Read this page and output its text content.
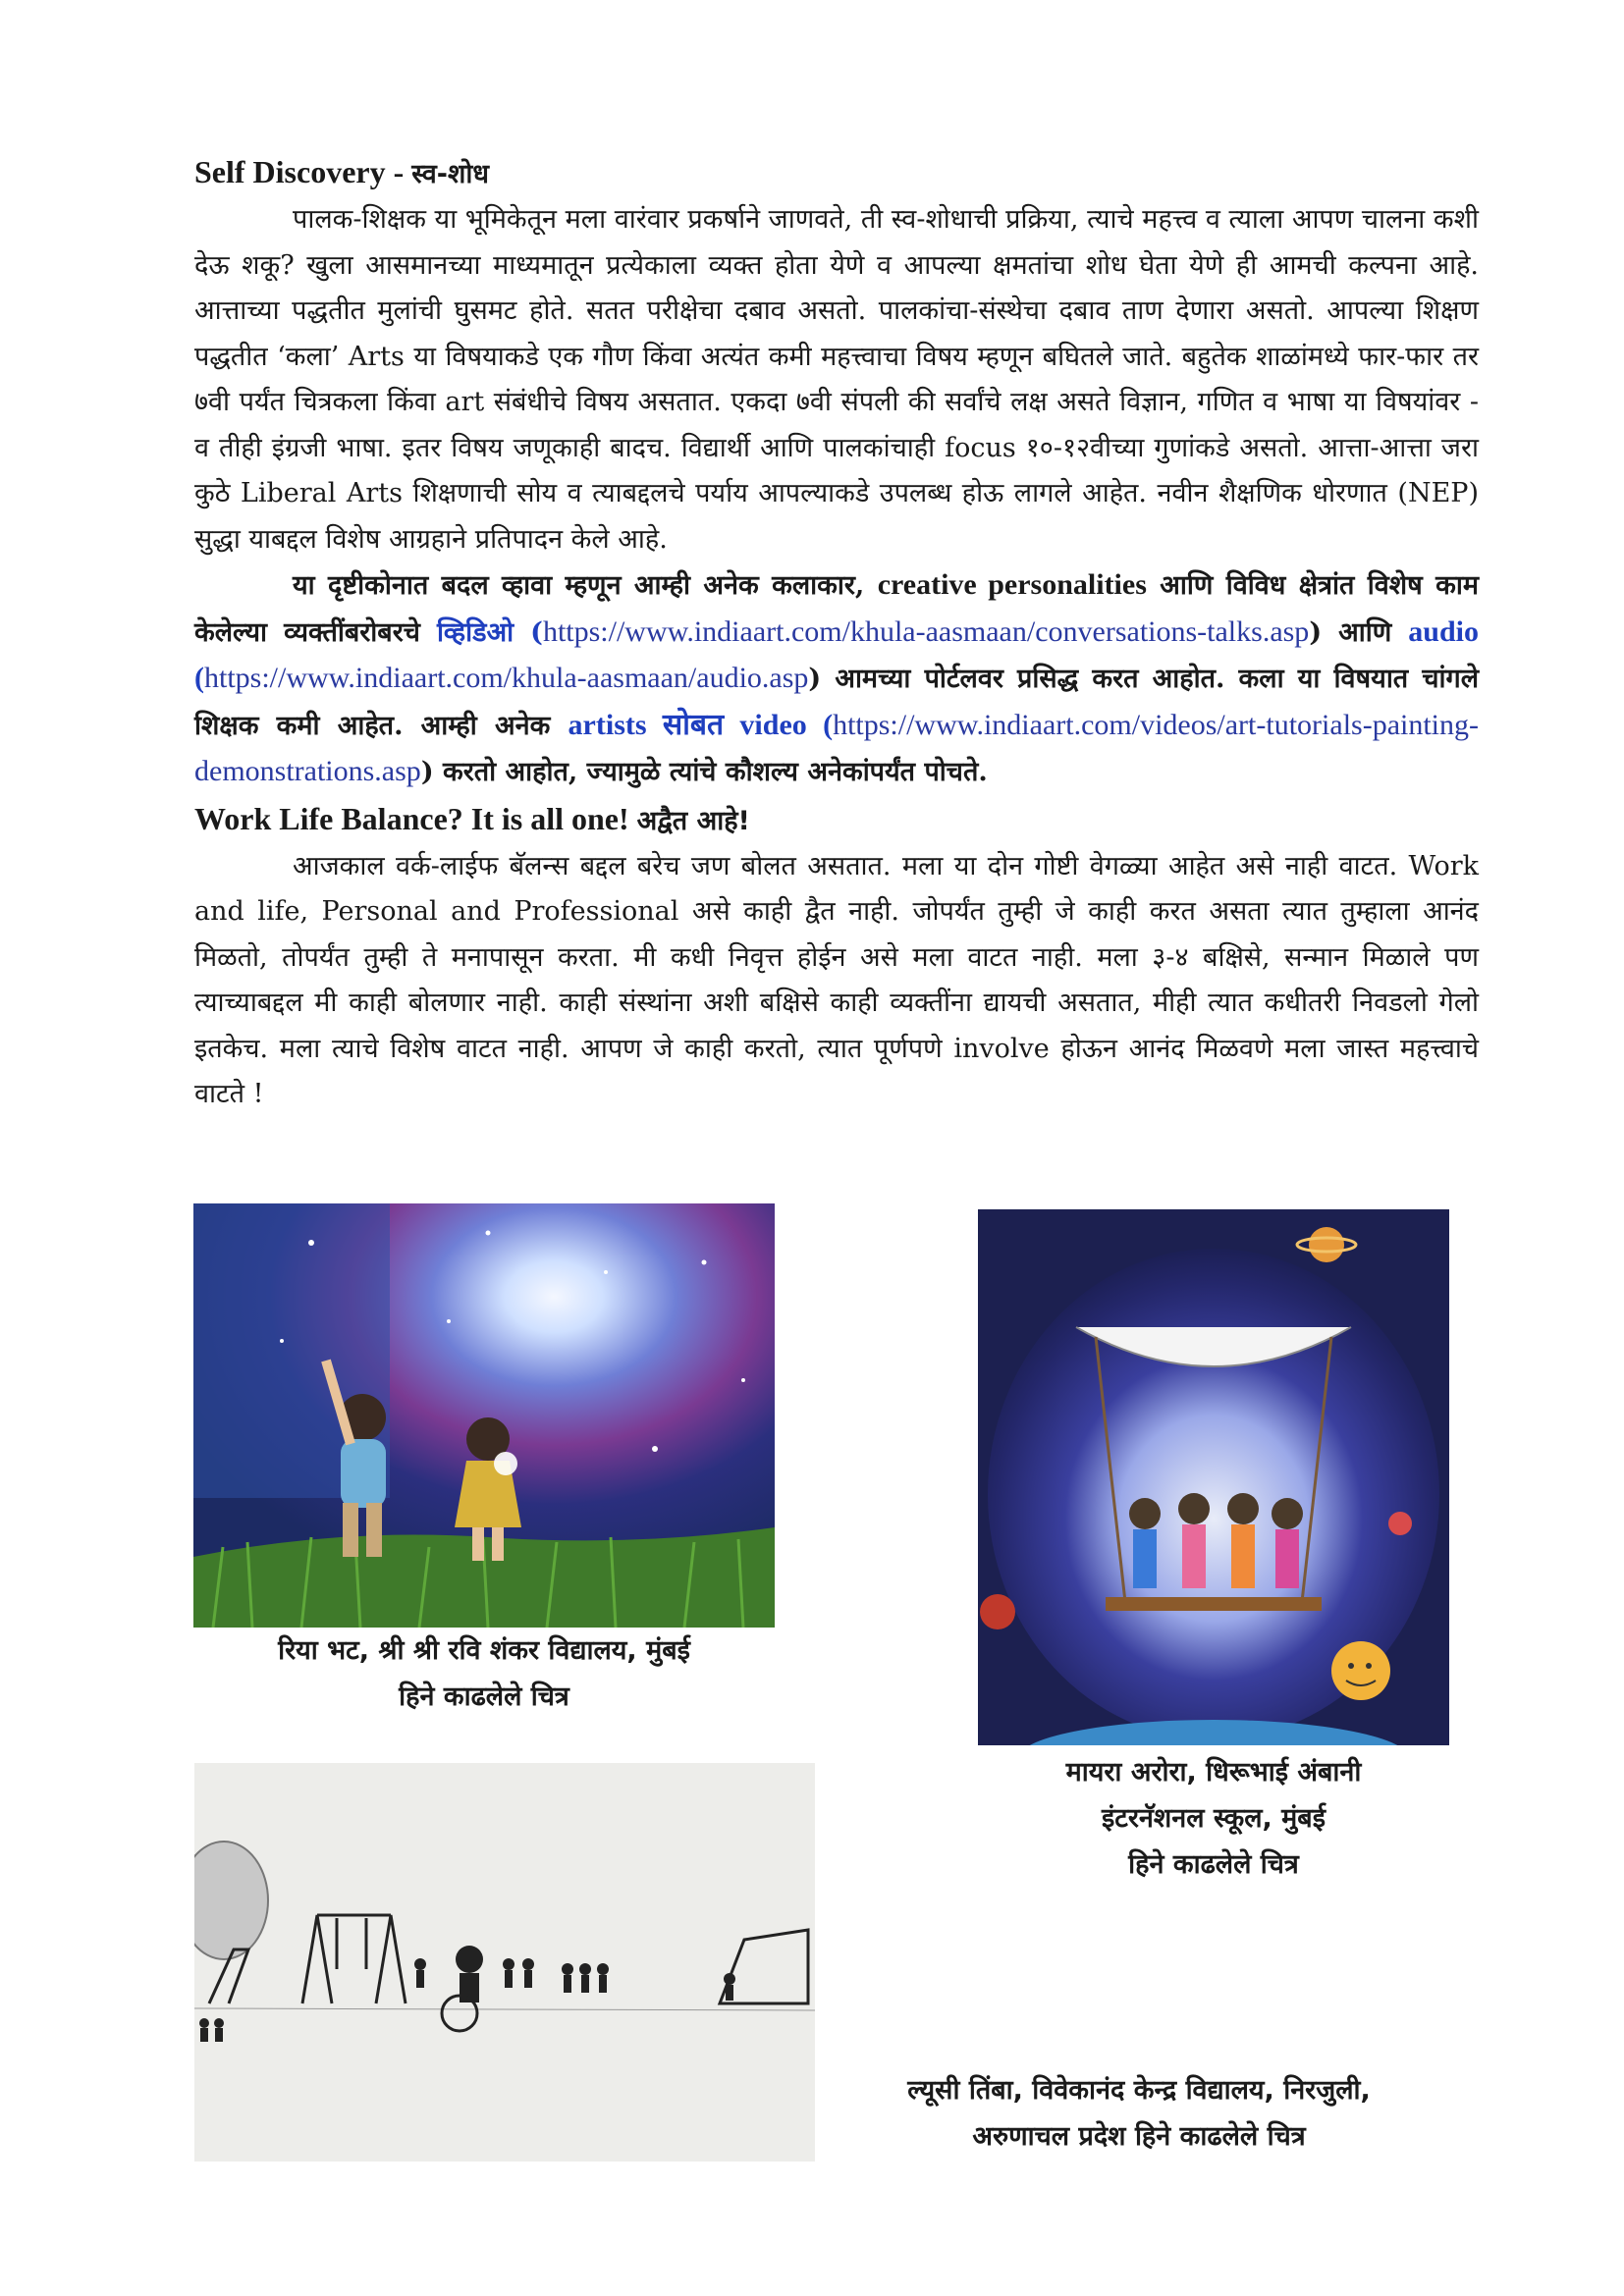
Self Discovery - स्व-शोध

पालक-शिक्षक या भूमिकेतून मला वारंवार प्रकर्षाने जाणवते, ती स्व-शोधाची प्रक्रिया, त्याचे महत्त्व व त्याला आपण चालना कशी देऊ शकू? खुला आसमानच्या माध्यमातून प्रत्येकाला व्यक्त होता येणे व आपल्या क्षमतांचा शोध घेता येणे ही आमची कल्पना आहे. आत्ताच्या पद्धतीत मुलांची घुसमट होते. सतत परीक्षेचा दबाव असतो. पालकांचा-संस्थेचा दबाव ताण देणारा असतो. आपल्या शिक्षण पद्धतीत ‘कला’ Arts या विषयाकडे एक गौण किंवा अत्यंत कमी महत्त्वाचा विषय म्हणून बघितले जाते. बहुतेक शाळांमध्ये फार-फार तर ७वी पर्यंत चित्रकला किंवा art संबंधीचे विषय असतात. एकदा ७वी संपली की सर्वांचे लक्ष असते विज्ञान, गणित व भाषा या विषयांवर - व तीही इंग्रजी भाषा. इतर विषय जणूकाही बादच. विद्यार्थी आणि पालकांचाही focus १०-१२वीच्या गुणांकडे असतो. आत्ता-आत्ता जरा कुठे Liberal Arts शिक्षणाची सोय व त्याबद्दलचे पर्याय आपल्याकडे उपलब्ध होऊ लागले आहेत. नवीन शैक्षणिक धोरणात (NEP) सुद्धा याबद्दल विशेष आग्रहाने प्रतिपादन केले आहे.

या दृष्टीकोनात बदल व्हावा म्हणून आम्ही अनेक कलाकार, creative personalities आणि विविध क्षेत्रांत विशेष काम केलेल्या व्यक्तींबरोबरचे व्हिडिओ (https://www.indiaart.com/khula-aasmaan/conversations-talks.asp) आणि audio (https://www.indiaart.com/khula-aasmaan/audio.asp) आमच्या पोर्टलवर प्रसिद्ध करत आहोत. कला या विषयात चांगले शिक्षक कमी आहेत. आम्ही अनेक artists सोबत video (https://www.indiaart.com/videos/art-tutorials-painting-demonstrations.asp) करतो आहोत, ज्यामुळे त्यांचे कौशल्य अनेकांपर्यंत पोचते.

Work Life Balance? It is all one! अद्वैत आहे!

आजकाल वर्क-लाईफ बॅलन्स बद्दल बरेच जण बोलत असतात. मला या दोन गोष्टी वेगळ्या आहेत असे नाही वाटत. Work and life, Personal and Professional असे काही द्वैत नाही. जोपर्यंत तुम्ही जे काही करत असता त्यात तुम्हाला आनंद मिळतो, तोपर्यंत तुम्ही ते मनापासून करता. मी कधी निवृत्त होईन असे मला वाटत नाही. मला ३-४ बक्षिसे, सन्मान मिळाले पण त्याच्याबद्दल मी काही बोलणार नाही. काही संस्थांना अशी बक्षिसे काही व्यक्तींना द्यायची असतात, मीही त्यात कधीतरी निवडलो गेलो इतकेच. मला त्याचे विशेष वाटत नाही. आपण जे काही करतो, त्यात पूर्णपणे involve होऊन आनंद मिळवणे मला जास्त महत्त्वाचे वाटते !

रिया भट, श्री श्री रवि शंकर विद्यालय, मुंबई
हिने काढलेले चित्र
मायरा अरोरा, धिरूभाई अंबानी
इंटरनॅशनल स्कूल, मुंबई
हिने काढलेले चित्र
ल्यूसी तिंबा, विवेकानंद केन्द्र विद्यालय, निरजुली,
अरुणाचल प्रदेश हिने काढलेले चित्र
